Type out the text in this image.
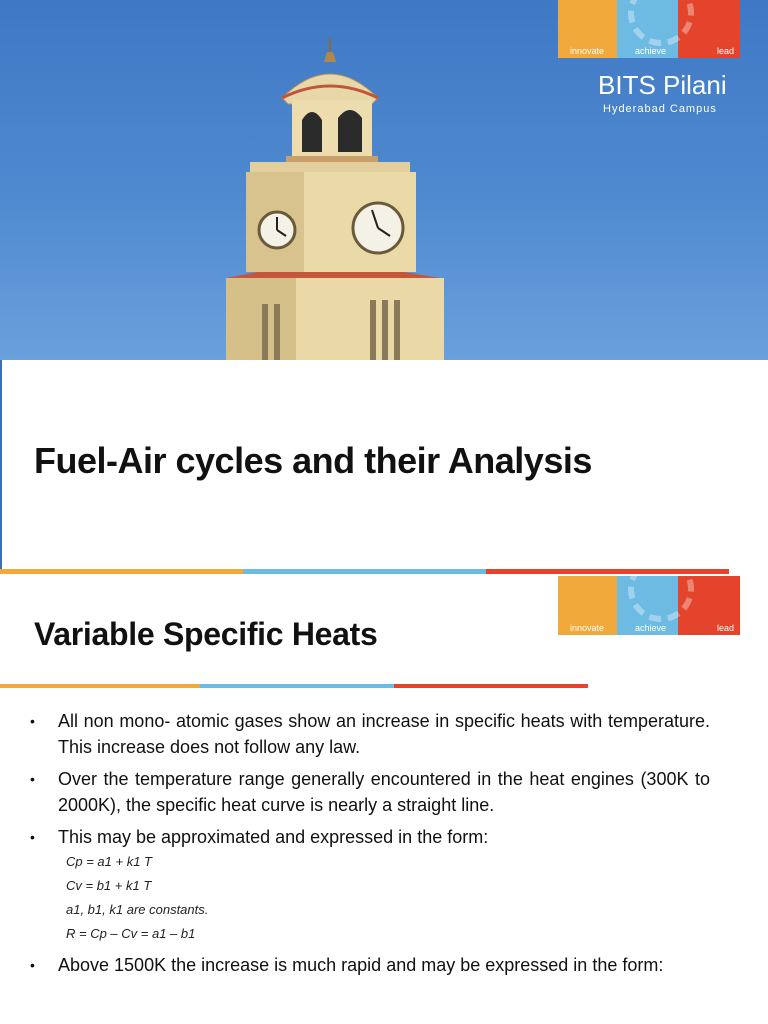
innovate	achieve	lead
BITS Pilani
Hyderabad Campus
Fuel-Air cycles and their Analysis
innovate	achieve	lead
Variable Specific Heats
• All non mono- atomic gases show an increase in specific heats with temperature. This increase does not follow any law.
• Over the temperature range generally encountered in the heat engines (300K to 2000K), the specific heat curve is nearly a straight line.
• This may be approximated and expressed in the form:
Cp = a1 + k1 T
Cv = b1 + k1 T
a1, b1, k1 are constants.
R = Cp – Cv = a1 – b1
• Above 1500K the increase is much rapid and may be expressed in the form:
